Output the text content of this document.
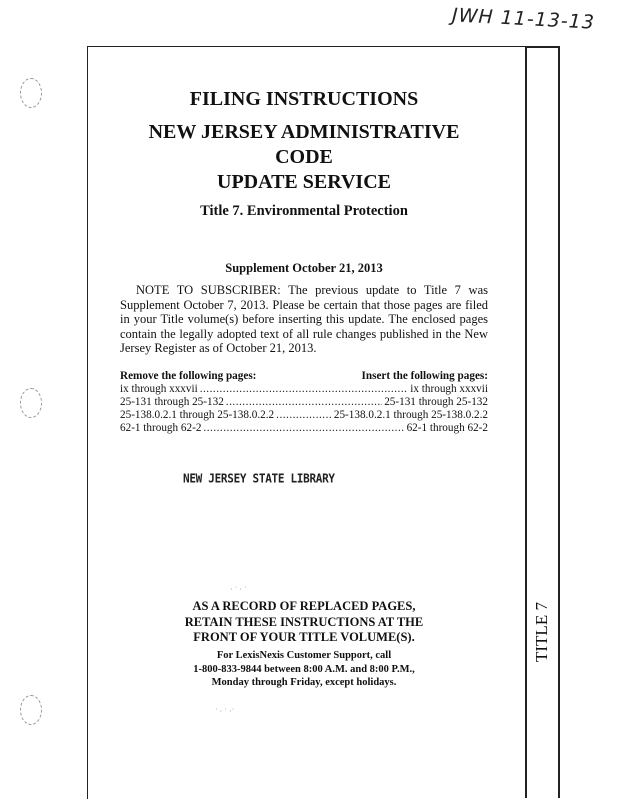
JWH 11-13-13
TITLE 7
FILING INSTRUCTIONS
NEW JERSEY ADMINISTRATIVE CODE
UPDATE SERVICE
Title 7. Environmental Protection
Supplement October 21, 2013
NOTE TO SUBSCRIBER: The previous update to Title 7 was Supplement October 7, 2013. Please be certain that those pages are filed in your Title volume(s) before inserting this update. The enclosed pages contain the legally adopted text of all rule changes published in the New Jersey Register as of October 21, 2013.
Remove the following pages:	Insert the following pages:
ix through xxxvii .....	ix through xxxvii
25-131 through 25-132 .....	25-131 through 25-132
25-138.0.2.1 through 25-138.0.2.2 .....	25-138.0.2.1 through 25-138.0.2.2
62-1 through 62-2 .....	62-1 through 62-2
NEW JERSEY STATE LIBRARY
· ˙ · ˙
˙ · ˙ ·˙
AS A RECORD OF REPLACED PAGES,
RETAIN THESE INSTRUCTIONS AT THE
FRONT OF YOUR TITLE VOLUME(S).
For LexisNexis Customer Support, call
1-800-833-9844 between 8:00 A.M. and 8:00 P.M.,
Monday through Friday, except holidays.
